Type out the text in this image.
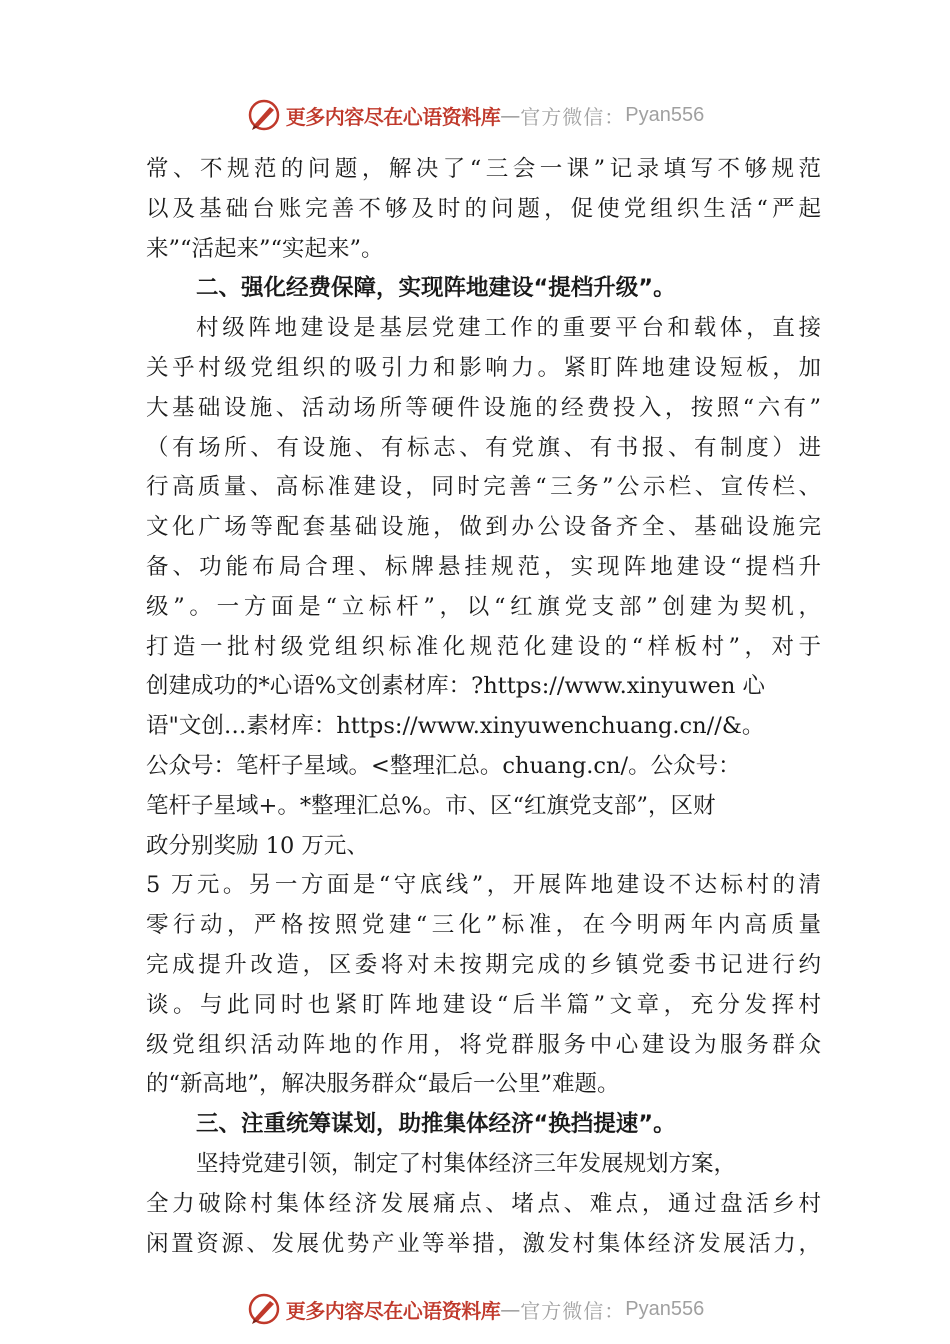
更多内容尽在心语资料库 — 官方微信： Pyan556
常、不规范的问题，解决了“三会一课”记录填写不够规范
以及基础台账完善不够及时的问题，促使党组织生活“严起
来”“活起来”“实起来”。
二、强化经费保障，实现阵地建设“提档升级”。
村级阵地建设是基层党建工作的重要平台和载体，直接
关乎村级党组织的吸引力和影响力。紧盯阵地建设短板，加
大基础设施、活动场所等硬件设施的经费投入，按照“六有”
（有场所、有设施、有标志、有党旗、有书报、有制度）进
行高质量、高标准建设，同时完善“三务”公示栏、宣传栏、
文化广场等配套基础设施，做到办公设备齐全、基础设施完
备、功能布局合理、标牌悬挂规范，实现阵地建设“提档升
级”。一方面是“立标杆”，以“红旗党支部”创建为契机，
打造一批村级党组织标准化规范化建设的“样板村”，对于
创建成功的*心语%文创素材库：?https://www.xinyuwen 心
语"文创…素材库：https://www.xinyuwenchuang.cn//&。
公众号：笔杆子星域。<整理汇总。chuang.cn/。公众号：
笔杆子星域+。*整理汇总%。市、区“红旗党支部”，区财
政分别奖励 10 万元、
5 万元。另一方面是“守底线”，开展阵地建设不达标村的清
零行动，严格按照党建“三化”标准，在今明两年内高质量
完成提升改造，区委将对未按期完成的乡镇党委书记进行约
谈。与此同时也紧盯阵地建设“后半篇”文章，充分发挥村
级党组织活动阵地的作用，将党群服务中心建设为服务群众
的“新高地”，解决服务群众“最后一公里”难题。
三、注重统筹谋划，助推集体经济“换挡提速”。
坚持党建引领，制定了村集体经济三年发展规划方案，
全力破除村集体经济发展痛点、堵点、难点，通过盘活乡村
闲置资源、发展优势产业等举措，激发村集体经济发展活力，
更多内容尽在心语资料库 — 官方微信： Pyan556
